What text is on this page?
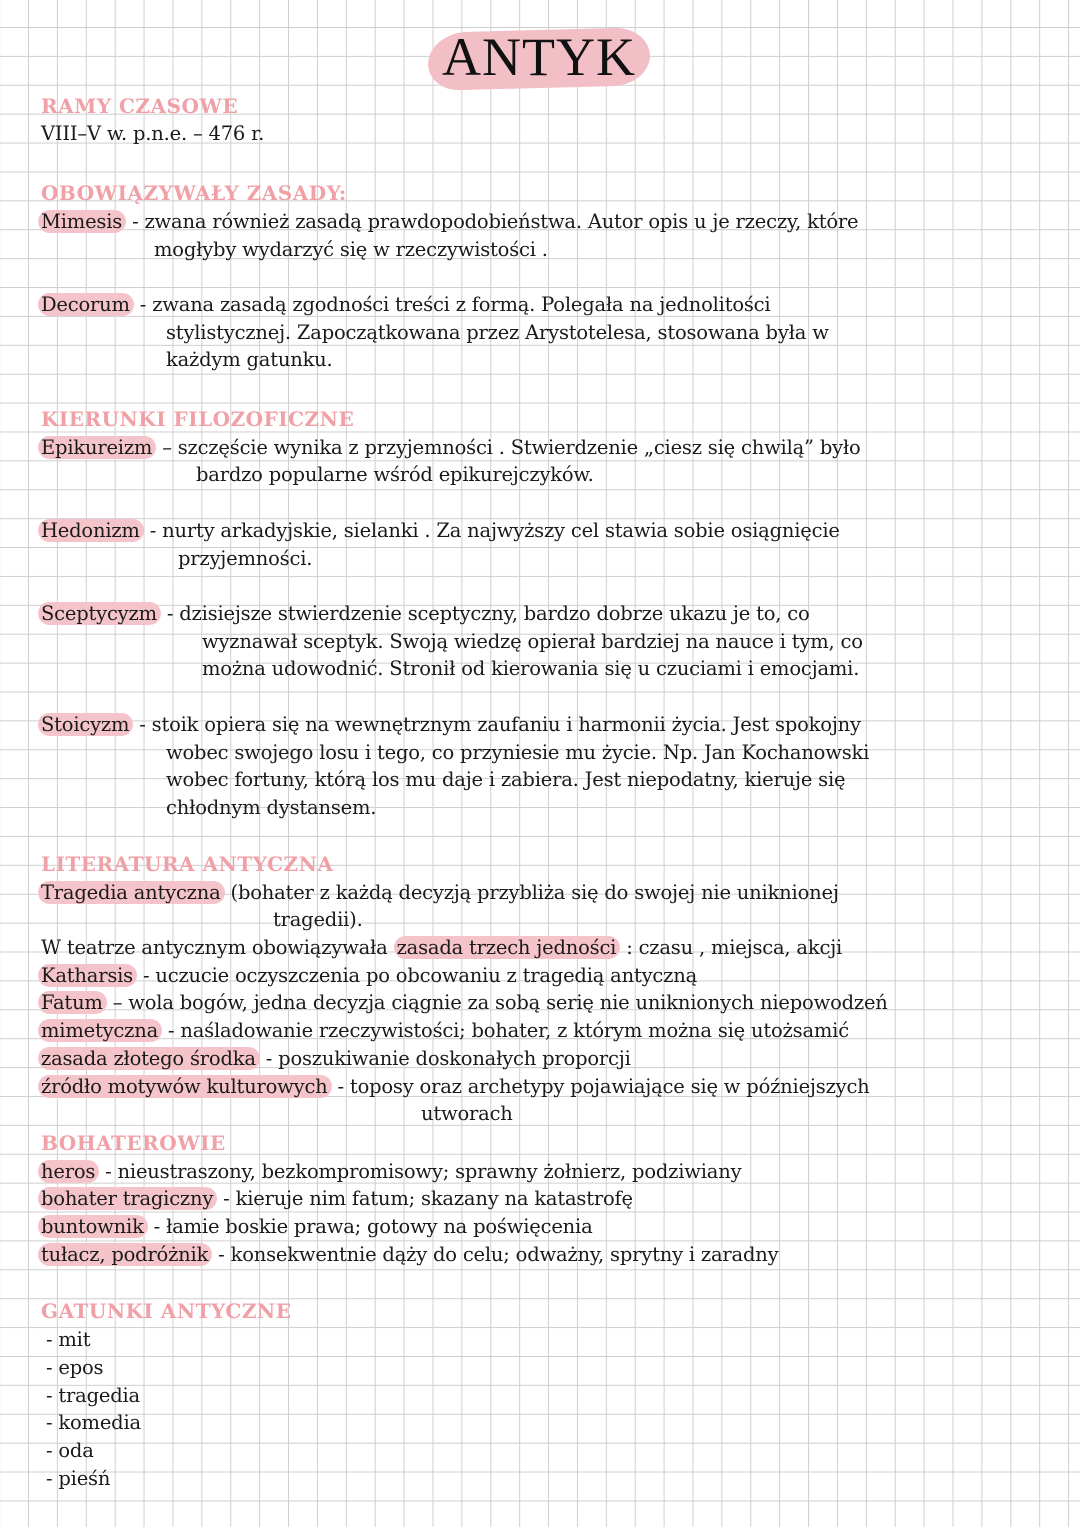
ANTYK
RAMY CZASOWE
VIII–V w. p.n.e. – 476 r.
OBOWIĄZYWAŁY ZASADY:
Mimesis - zwana również zasadą prawdopodobieństwa. Autor opis u je rzeczy, które
mogłyby wydarzyć się w rzeczywistości .
Decorum - zwana zasadą zgodności treści z formą. Polegała na jednolitości
stylistycznej. Zapoczątkowana przez Arystotelesa, stosowana była w
każdym gatunku.
KIERUNKI FILOZOFICZNE
Epikureizm – szczęście wynika z przyjemności . Stwierdzenie „ciesz się chwilą” było
bardzo popularne wśród epikurejczyków.
Hedonizm - nurty arkadyjskie, sielanki . Za najwyższy cel stawia sobie osiągnięcie
przyjemności.
Sceptycyzm - dzisiejsze stwierdzenie sceptyczny, bardzo dobrze ukazu je to, co
wyznawał sceptyk. Swoją wiedzę opierał bardziej na nauce i tym, co
można udowodnić. Stronił od kierowania się u czuciami i emocjami.
Stoicyzm - stoik opiera się na wewnętrznym zaufaniu i harmonii życia. Jest spokojny
wobec swojego losu i tego, co przyniesie mu życie. Np. Jan Kochanowski
wobec fortuny, którą los mu daje i zabiera. Jest niepodatny, kieruje się
chłodnym dystansem.
LITERATURA ANTYCZNA
Tragedia antyczna (bohater z każdą decyzją przybliża się do swojej nie uniknionej
tragedii).
W teatrze antycznym obowiązywała zasada trzech jedności : czasu , miejsca, akcji
Katharsis - uczucie oczyszczenia po obcowaniu z tragedią antyczną
Fatum – wola bogów, jedna decyzja ciągnie za sobą serię nie uniknionych niepowodzeń
mimetyczna - naśladowanie rzeczywistości; bohater, z którym można się utożsamić
zasada złotego środka - poszukiwanie doskonałych proporcji
źródło motywów kulturowych - toposy oraz archetypy pojawiające się w późniejszych
utworach
BOHATEROWIE
heros - nieustraszony, bezkompromisowy; sprawny żołnierz, podziwiany
bohater tragiczny - kieruje nim fatum; skazany na katastrofę
buntownik - łamie boskie prawa; gotowy na poświęcenia
tułacz, podróżnik - konsekwentnie dąży do celu; odważny, sprytny i zaradny
GATUNKI ANTYCZNE
- mit
- epos
- tragedia
- komedia
- oda
- pieśń
